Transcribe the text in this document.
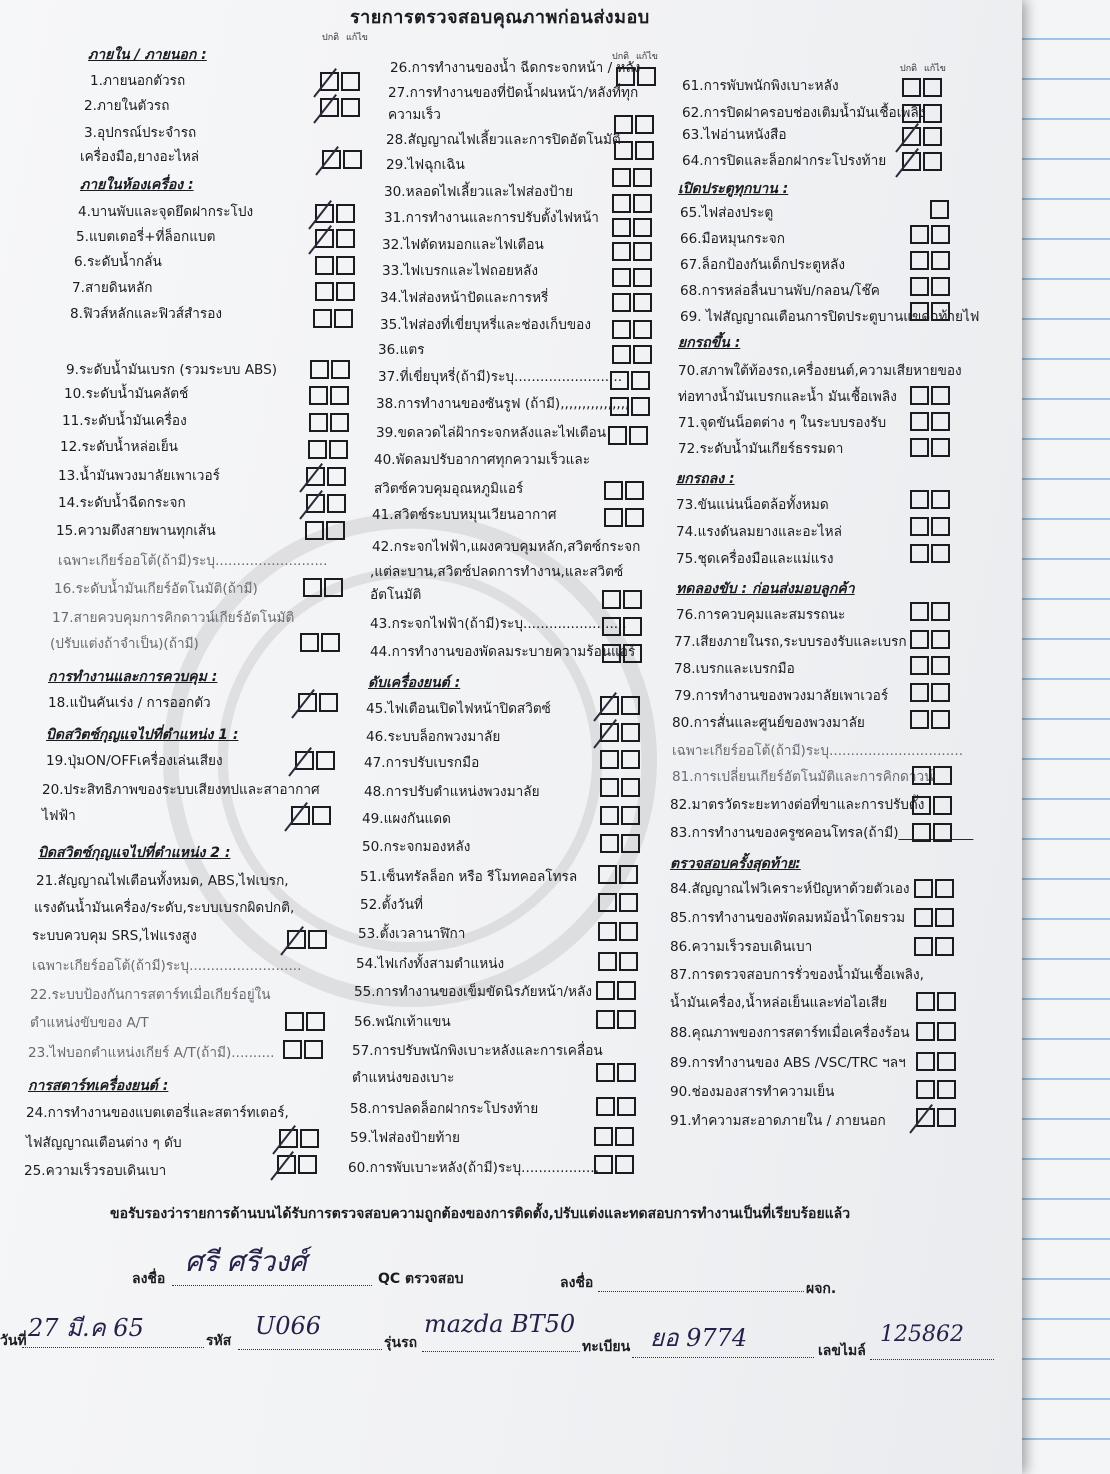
รายการตรวจสอบคุณภาพก่อนส่งมอบ
ปกติ แก้ไข
ปกติ แก้ไข
ปกติ แก้ไข
ภายใน / ภายนอก :
ภายในห้องเครื่อง :
การทำงานและการควบคุม :
บิดสวิตซ์กุญแจไปที่ตำแหน่ง 1 :
บิดสวิตซ์กุญแจไปที่ตำแหน่ง 2 :
การสตาร์ทเครื่องยนต์ :
ดับเครื่องยนต์ :
เปิดประตูทุกบาน :
ยกรถขึ้น :
ยกรถลง :
ทดลองขับ : ก่อนส่งมอบลูกค้า
ตรวจสอบครั้งสุดท้าย:
1.ภายนอกตัวรถ
2.ภายในตัวรถ
3.อุปกรณ์ประจำรถ
เครื่องมือ,ยางอะไหล่
4.บานพับและจุดยึดฝากระโปง
5.แบตเตอรี่+ที่ล็อกแบต
6.ระดับน้ำกลั่น
7.สายดินหลัก
8.ฟิวส์หลักและฟิวส์สำรอง
9.ระดับน้ำมันเบรก (รวมระบบ ABS)
10.ระดับน้ำมันคลัตช์
11.ระดับน้ำมันเครื่อง
12.ระดับน้ำหล่อเย็น
13.น้ำมันพวงมาลัยเพาเวอร์
14.ระดับน้ำฉีดกระจก
15.ความตึงสายพานทุกเส้น
เฉพาะเกียร์ออโต้(ถ้ามี)ระบุ..........................
16.ระดับน้ำมันเกียร์อัตโนมัติ(ถ้ามี)
17.สายควบคุมการคิกดาวน์เกียร์อัตโนมัติ
(ปรับแต่งถ้าจำเป็น)(ถ้ามี)
18.แป้นคันเร่ง / การออกตัว
19.ปุ่มON/OFFเครื่องเล่นเสียง
20.ประสิทธิภาพของระบบเสียงทปและสาอากาศ
ไฟฟ้า
21.สัญญาณไฟเตือนทั้งหมด, ABS,ไฟเบรก,
แรงดันน้ำมันเครื่อง/ระดับ,ระบบเบรกผิดปกติ,
ระบบควบคุม SRS,ไฟแรงสูง
เฉพาะเกียร์ออโต้(ถ้ามี)ระบุ..........................
22.ระบบป้องกันการสตาร์ทเมื่อเกียร์อยู่ใน
ตำแหน่งขับของ A/T
23.ไฟบอกตำแหน่งเกียร์ A/T(ถ้ามี)..........
24.การทำงานของแบตเตอรี่และสตาร์ทเตอร์,
ไฟสัญญาณเตือนต่าง ๆ ดับ
25.ความเร็วรอบเดินเบา
26.การทำงานของน้ำ ฉีดกระจกหน้า / หลัง
27.การทำงานของที่ปัดน้ำฝนหน้า/หลังที่ทุก
ความเร็ว
28.สัญญาณไฟเลี้ยวและการปิดอัตโนมัติ
29.ไฟฉุกเฉิน
30.หลอดไฟเลี้ยวและไฟส่องป้าย
31.การทำงานและการปรับตั้งไฟหน้า
32.ไฟตัดหมอกและไฟเตือน
33.ไฟเบรกและไฟถอยหลัง
34.ไฟส่องหน้าปัดและการหรี่
35.ไฟส่องที่เขี่ยบุหรี่และช่องเก็บของ
36.แตร
37.ที่เขี่ยบุหรี่(ถ้ามี)ระบุ.........................
38.การทำงานของซันรูฟ (ถ้ามี),,,,,,,,,,,,,,,,
39.ขดลวดไล่ฝ้ากระจกหลังและไฟเตือน
40.พัดลมปรับอากาศทุกความเร็วและ
สวิตซ์ควบคุมอุณหภูมิแอร์
41.สวิตซ์ระบบหมุนเวียนอากาศ
42.กระจกไฟฟ้า,แผงควบคุมหลัก,สวิตซ์กระจก
,แต่ละบาน,สวิตซ์ปลดการทำงาน,และสวิตซ์
อัตโนมัติ
43.กระจกไฟฟ้า(ถ้ามี)ระบุ........................
44.การทำงานของพัดลมระบายความร้อนแอร์
45.ไฟเตือนเปิดไฟหน้าปิดสวิตซ์
46.ระบบล็อกพวงมาลัย
47.การปรับเบรกมือ
48.การปรับตำแหน่งพวงมาลัย
49.แผงกันแดด
50.กระจกมองหลัง
51.เซ็นทรัลล็อก หรือ รีโมทคอลโทรล
52.ตั้งวันที่
53.ตั้งเวลานาฬิกา
54.ไฟเก๋งทั้งสามตำแหน่ง
55.การทำงานของเข็มขัดนิรภัยหน้า/หลัง
56.พนักเท้าแขน
57.การปรับพนักพิงเบาะหลังและการเคลื่อน
ตำแหน่งของเบาะ
58.การปลดล็อกฝากระโปรงท้าย
59.ไฟส่องป้ายท้าย
60.การพับเบาะหลัง(ถ้ามี)ระบุ..................
61.การพับพนักพิงเบาะหลัง
62.การปิดฝาครอบช่องเติมน้ำมันเชื้อเพลิง
63.ไฟอ่านหนังสือ
64.การปิดและล็อกฝากระโปรงท้าย
65.ไฟส่องประตู
66.มือหมุนกระจก
67.ล็อกป้องกันเด็กประตูหลัง
68.การหล่อลื่นบานพับ/กลอน/โช๊ค
69. ไฟสัญญาณเตือนการปิดประตูบานแขดกท้ายไฟ
70.สภาพใต้ท้องรถ,เครื่องยนต์,ความเสียหายของ
ท่อทางน้ำมันเบรกและน้ำ มันเชื้อเพลิง
71.จุดขันน็อตต่าง ๆ ในระบบรองรับ
72.ระดับน้ำมันเกียร์ธรรมดา
73.ขันแน่นน็อตล้อทั้งหมด
74.แรงดันลมยางและอะไหล่
75.ชุดเครื่องมือและแม่แรง
76.การควบคุมและสมรรถนะ
77.เสียงภายในรถ,ระบบรองรับและเบรก
78.เบรกและเบรกมือ
79.การทำงานของพวงมาลัยเพาเวอร์
80.การสั่นและศูนย์ของพวงมาลัย
เฉพาะเกียร์ออโต้(ถ้ามี)ระบุ...............................
81.การเปลี่ยนเกียร์อัตโนมัติและการคิกดาวน์
82.มาตรวัดระยะทางต่อที่ขาและการปรับตั้ง
83.การทำงานของครูซคอนโทรล(ถ้ามี)___________
84.สัญญาณไฟวิเคราะห์ปัญหาด้วยตัวเอง
85.การทำงานของพัดลมหม้อน้ำโดยรวม
86.ความเร็วรอบเดินเบา
87.การตรวจสอบการรั่วของน้ำมันเชื้อเพลิง,
น้ำมันเครื่อง,น้ำหล่อเย็นและท่อไอเสีย
88.คุณภาพของการสตาร์ทเมื่อเครื่องร้อน
89.การทำงานของ ABS /VSC/TRC ฯลฯ
90.ช่องมองสารทำความเย็น
91.ทำความสะอาดภายใน / ภายนอก
ขอรับรองว่ารายการด้านบนได้รับการตรวจสอบความถูกต้องของการติดตั้ง,ปรับแต่งและทดสอบการทำงานเป็นที่เรียบร้อยแล้ว
ลงชื่อ
ศรี ศรีวงศ์
QC ตรวจสอบ	ลงชื่อ	ผจก.
วันที่ 27 มี.ค 65	รหัส
U066
รุ่นรถ
mazda BT50
ทะเบียน ยอ 9774	เลขไมล์
125862
